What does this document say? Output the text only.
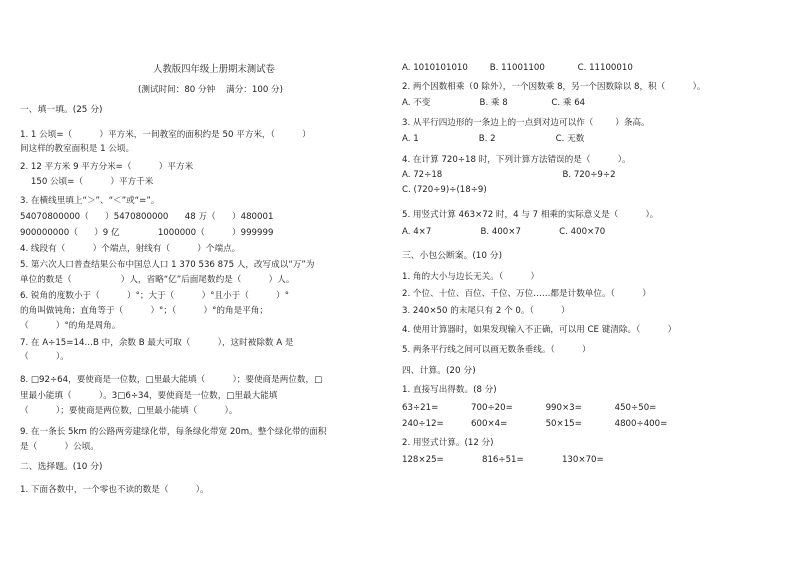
人教版四年级上册期末测试卷
(测试时间：80 分钟    满分：100 分)
一、填一填。(25 分)
1. 1 公顷=（          ）平方米，一间教室的面积约是 50 平方米，（          ）
间这样的教室面积是 1 公顷。
2. 12 平方米 9 平方分米=（          ）平方米
150 公顷=（          ）平方千米
3. 在横线里填上“＞”、“＜”或“=”。
54070800000（      ）5470800000      48 万（      ）480001
900000000（      ）9 亿              1000000（          ）999999
4. 线段有（          ）个端点，射线有（          ）个端点。
5. 第六次人口普查结果公布中国总人口 1 370 536 875 人，改写成以“万”为
单位的数是（                  ）人，省略“亿”后面尾数约是（          ）人。
6. 锐角的度数小于（          ）°；大于（          ）°且小于（          ）°
的角叫做钝角；直角等于（          ）°；（          ）°的角是平角；
（          ）°的角是周角。
7. 在 A÷15=14…B 中，余数 B 最大可取（          ），这时被除数 A 是
（          ）。
8. □92÷64，要使商是一位数，□里最大能填（          ）；要使商是两位数，□
里最小能填（          ）。3□6÷34，要使商是一位数，□里最大能填
（          ）；要使商是两位数，□里最小能填（          ）。
9. 在一条长 5km 的公路两旁建绿化带，每条绿化带宽 20m。整个绿化带的面积
是（          ）公顷。
二、选择题。(10 分)
1. 下面各数中，一个零也不读的数是（          ）。
A. 1010101010        B. 11001100            C. 11100010
2. 两个因数相乘（0 除外），一个因数乘 8，另一个因数除以 8，积（          ）。
A. 不变                  B. 乘 8                C. 乘 64
3. 从平行四边形的一条边上的一点到对边可以作（        ）条高。
A. 1                      B. 2                      C. 无数
4. 在计算 720÷18 时，下列计算方法错误的是（          ）。
A. 72÷18                                            B. 720÷9÷2
C. (720÷9)÷(18÷9)
5. 用竖式计算 463×72 时，4 与 7 相乘的实际意义是（          ）。
A. 4×7                  B. 400×7              C. 400×70
三、小包公断案。(10 分)
1. 角的大小与边长无关。（          ）
2. 个位、十位、百位、千位、万位……都是计数单位。（          ）
3. 240×50 的末尾只有 2 个 0。（          ）
4. 使用计算器时，如果发现输入不正确，可以用 CE 键清除。（          ）
5. 两条平行线之间可以画无数条垂线。（          ）
四、计算。(20 分)
1. 直接写出得数。(8 分)
63÷21=            700÷20=            990×3=            450÷50=
240÷12=          600×4=              50×15=            4800÷400=
2. 用竖式计算。(12 分)
128×25=              816÷51=              130×70=
